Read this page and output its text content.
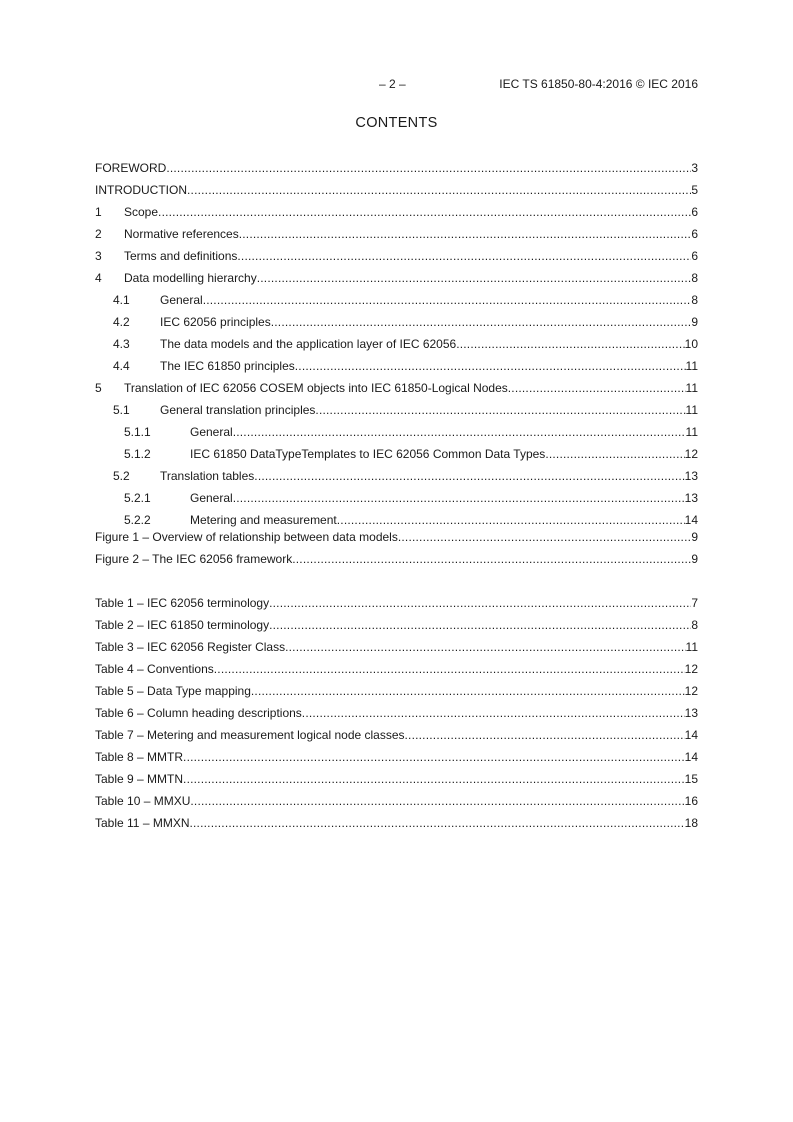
– 2 –	IEC TS 61850-80-4:2016 © IEC 2016
CONTENTS
FOREWORD .....	3
INTRODUCTION .....	5
1	Scope .....	6
2	Normative references .....	6
3	Terms and definitions .....	6
4	Data modelling hierarchy .....	8
4.1	General .....	8
4.2	IEC 62056 principles .....	9
4.3	The data models and the application layer of IEC 62056 .....	10
4.4	The IEC 61850 principles .....	11
5	Translation of IEC 62056 COSEM objects into IEC 61850-Logical Nodes .....	11
5.1	General translation principles .....	11
5.1.1	General .....	11
5.1.2	IEC 61850 DataTypeTemplates to IEC 62056 Common Data Types .....	12
5.2	Translation tables .....	13
5.2.1	General .....	13
5.2.2	Metering and measurement .....	14
Figure 1 – Overview of relationship between data models .....	9
Figure 2 – The IEC 62056 framework .....	9
Table 1 – IEC 62056 terminology .....	7
Table 2 – IEC 61850 terminology .....	8
Table 3 – IEC 62056 Register Class .....	11
Table 4 – Conventions .....	12
Table 5 – Data Type mapping .....	12
Table 6 – Column heading descriptions .....	13
Table 7 – Metering and measurement logical node classes .....	14
Table 8 – MMTR .....	14
Table 9 – MMTN .....	15
Table 10 – MMXU .....	16
Table 11 – MMXN .....	18
